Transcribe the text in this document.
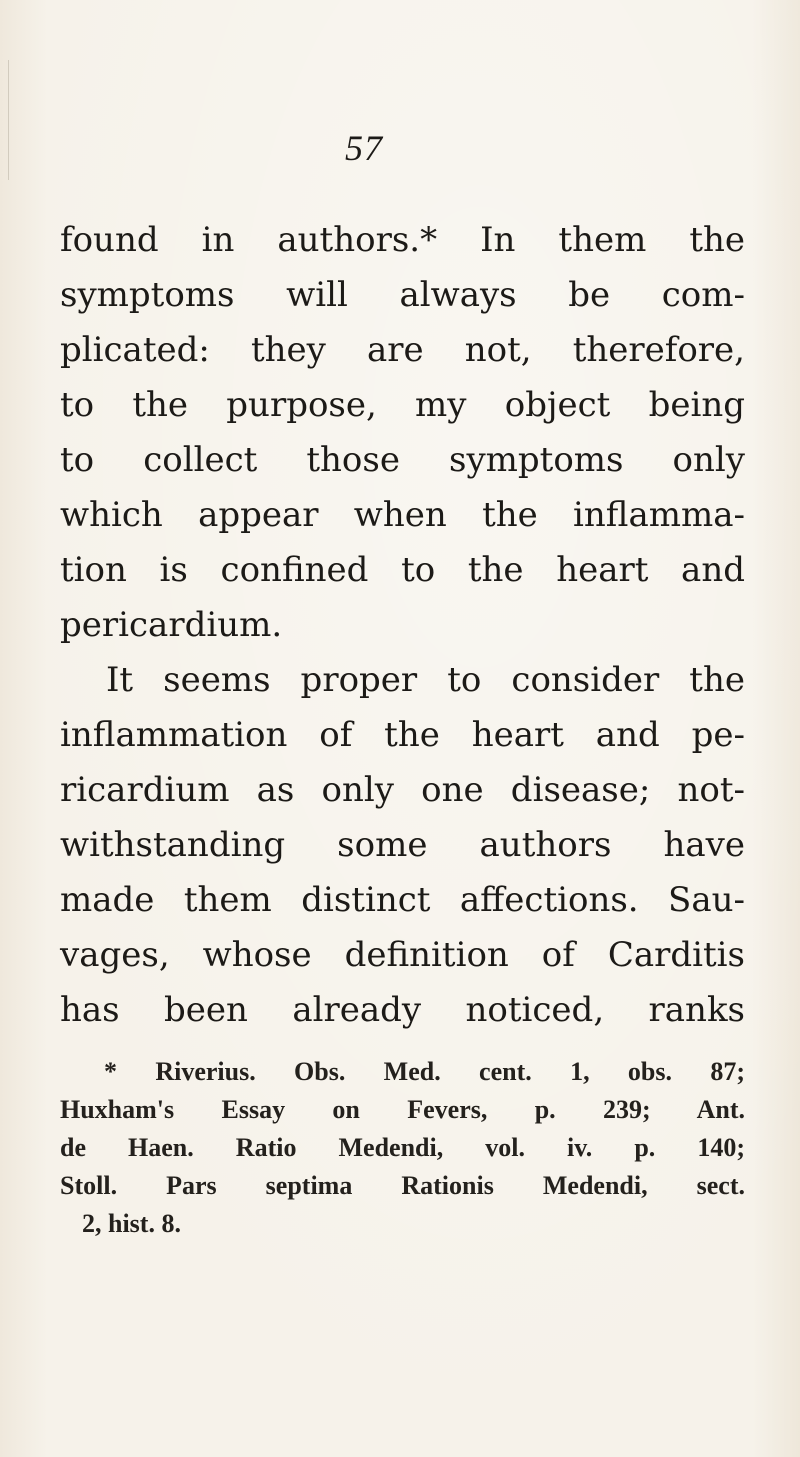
57
found in authors.* In them the
symptoms will always be com-
plicated: they are not, therefore,
to the purpose, my object being
to collect those symptoms only
which appear when the inflamma-
tion is confined to the heart and
pericardium.
It seems proper to consider the
inflammation of the heart and pe-
ricardium as only one disease; not-
withstanding some authors have
made them distinct affections. Sau-
vages, whose definition of Carditis
has been already noticed, ranks
* Riverius. Obs. Med. cent. 1, obs. 87;
Huxham's Essay on Fevers, p. 239; Ant.
de Haen. Ratio Medendi, vol. iv. p. 140;
Stoll. Pars septima Rationis Medendi, sect.
2, hist. 8.
